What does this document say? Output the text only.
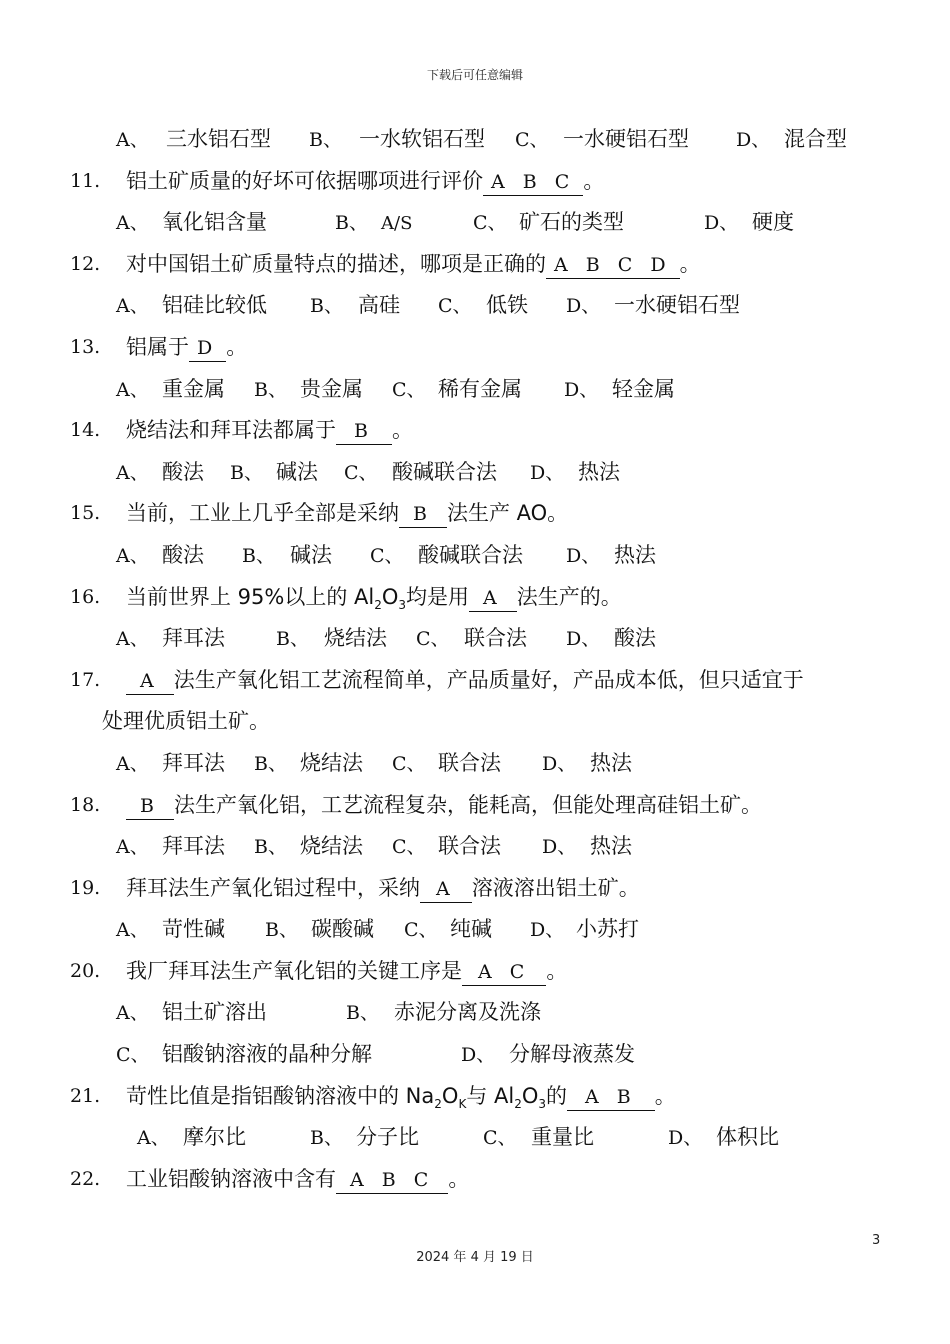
下载后可任意编辑
A、 三水铝石型 B、 一水软铝石型 C、 一水硬铝石型 D、 混合型
11. 铝土矿质量的好坏可依据哪项进行评价 A B C 。
A、 氧化铝含量	B、 A/S	C、 矿石的类型	D、 硬度
12. 对中国铝土矿质量特点的描述，哪项是正确的 A B C D 。
A、 铝硅比较低 B、 高硅 C、 低铁 D、 一水硬铝石型
13. 铝属于 D 。
A、 重金属 B、 贵金属 C、 稀有金属 D、 轻金属
14. 烧结法和拜耳法都属于 B 。
A、 酸法 B、 碱法 C、 酸碱联合法 D、 热法
15. 当前，工业上几乎全部是采纳 B 法生产 AO。
A、 酸法 B、 碱法 C、 酸碱联合法 D、 热法
16. 当前世界上 95%以上的 $Al_2O_3$均是用 A 法生产的。
A、 拜耳法	B、 烧结法 C、 联合法 D、 酸法
17.	A 法生产氧化铝工艺流程简单，产品质量好，产品成本低，但只适宜于
处理优质铝土矿。
A、 拜耳法 B、 烧结法 C、 联合法 D、 热法
18.	B 法生产氧化铝，工艺流程复杂，能耗高，但能处理高硅铝土矿。
A、 拜耳法 B、 烧结法 C、 联合法 D、 热法
19. 拜耳法生产氧化铝过程中，采纳 A 溶液溶出铝土矿。
A、 苛性碱 B、 碳酸碱 C、 纯碱 D、 小苏打
20. 我厂拜耳法生产氧化铝的关键工序是 A C 。
A、 铝土矿溶出	B、 赤泥分离及洗涤
C、 铝酸钠溶液的晶种分解	D、 分解母液蒸发
21. 苛性比值是指铝酸钠溶液中的 $Na_2O_K$与 $Al_2O_3$的 A B 。
A、 摩尔比	B、 分子比	C、 重量比	D、 体积比
22. 工业铝酸钠溶液中含有 A B C 。
3
2024 年 4 月 19 日
